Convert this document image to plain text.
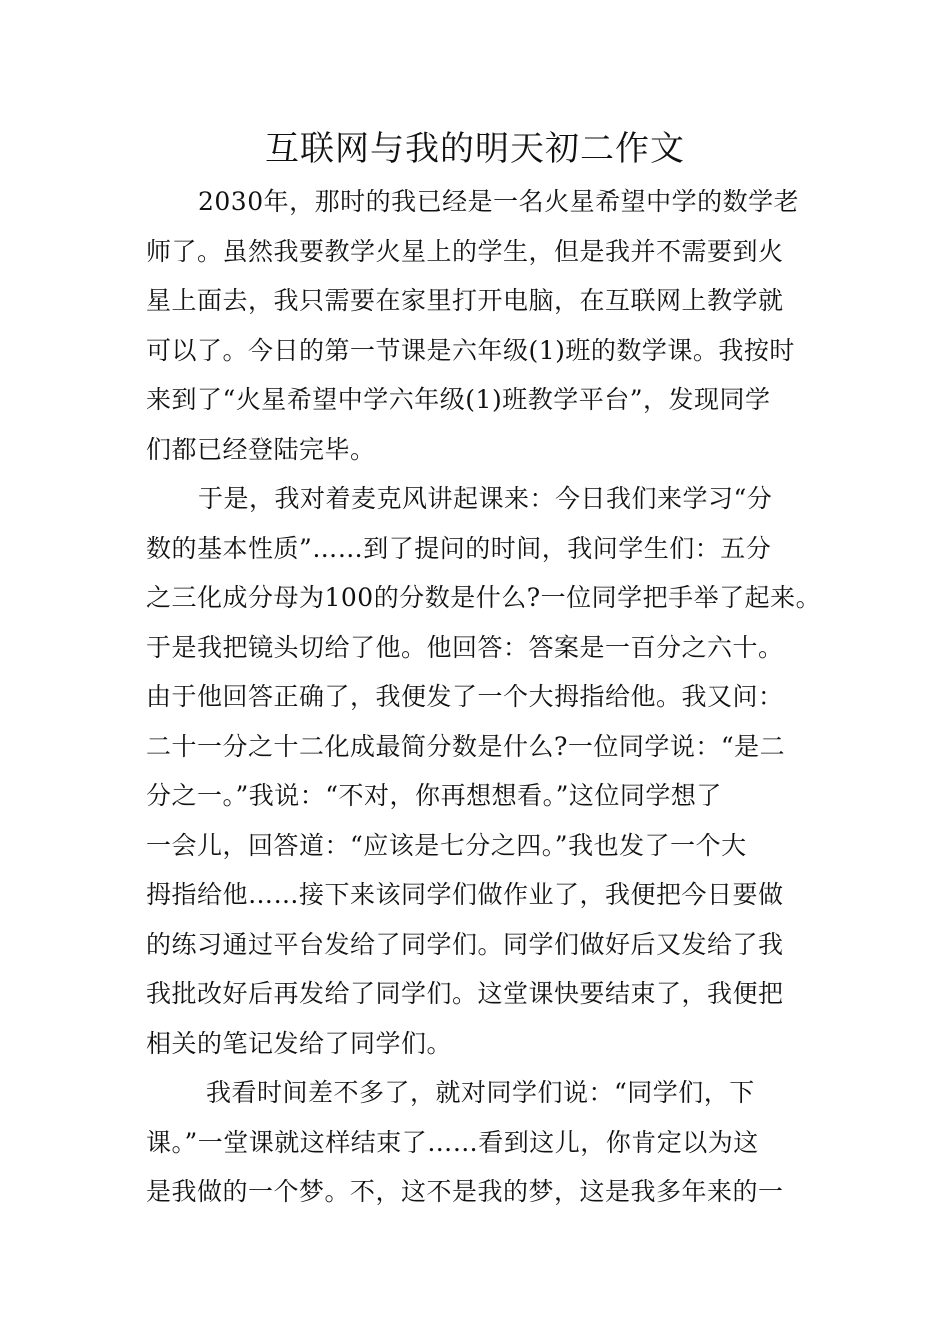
互联网与我的明天初二作文
2030年，那时的我已经是一名火星希望中学的数学老
师了。虽然我要教学火星上的学生，但是我并不需要到火
星上面去，我只需要在家里打开电脑，在互联网上教学就
可以了。今日的第一节课是六年级(1)班的数学课。我按时
来到了“火星希望中学六年级(1)班教学平台”，发现同学
们都已经登陆完毕。
于是，我对着麦克风讲起课来：今日我们来学习“分
数的基本性质”……到了提问的时间，我问学生们：五分
之三化成分母为100的分数是什么?一位同学把手举了起来。
于是我把镜头切给了他。他回答：答案是一百分之六十。
由于他回答正确了，我便发了一个大拇指给他。我又问：
二十一分之十二化成最简分数是什么?一位同学说：“是二
分之一。”我说：“不对，你再想想看。”这位同学想了
一会儿，回答道：“应该是七分之四。”我也发了一个大
拇指给他……接下来该同学们做作业了，我便把今日要做
的练习通过平台发给了同学们。同学们做好后又发给了我
我批改好后再发给了同学们。这堂课快要结束了，我便把
相关的笔记发给了同学们。
我看时间差不多了，就对同学们说：“同学们，下
课。”一堂课就这样结束了……看到这儿，你肯定以为这
是我做的一个梦。不，这不是我的梦，这是我多年来的一
